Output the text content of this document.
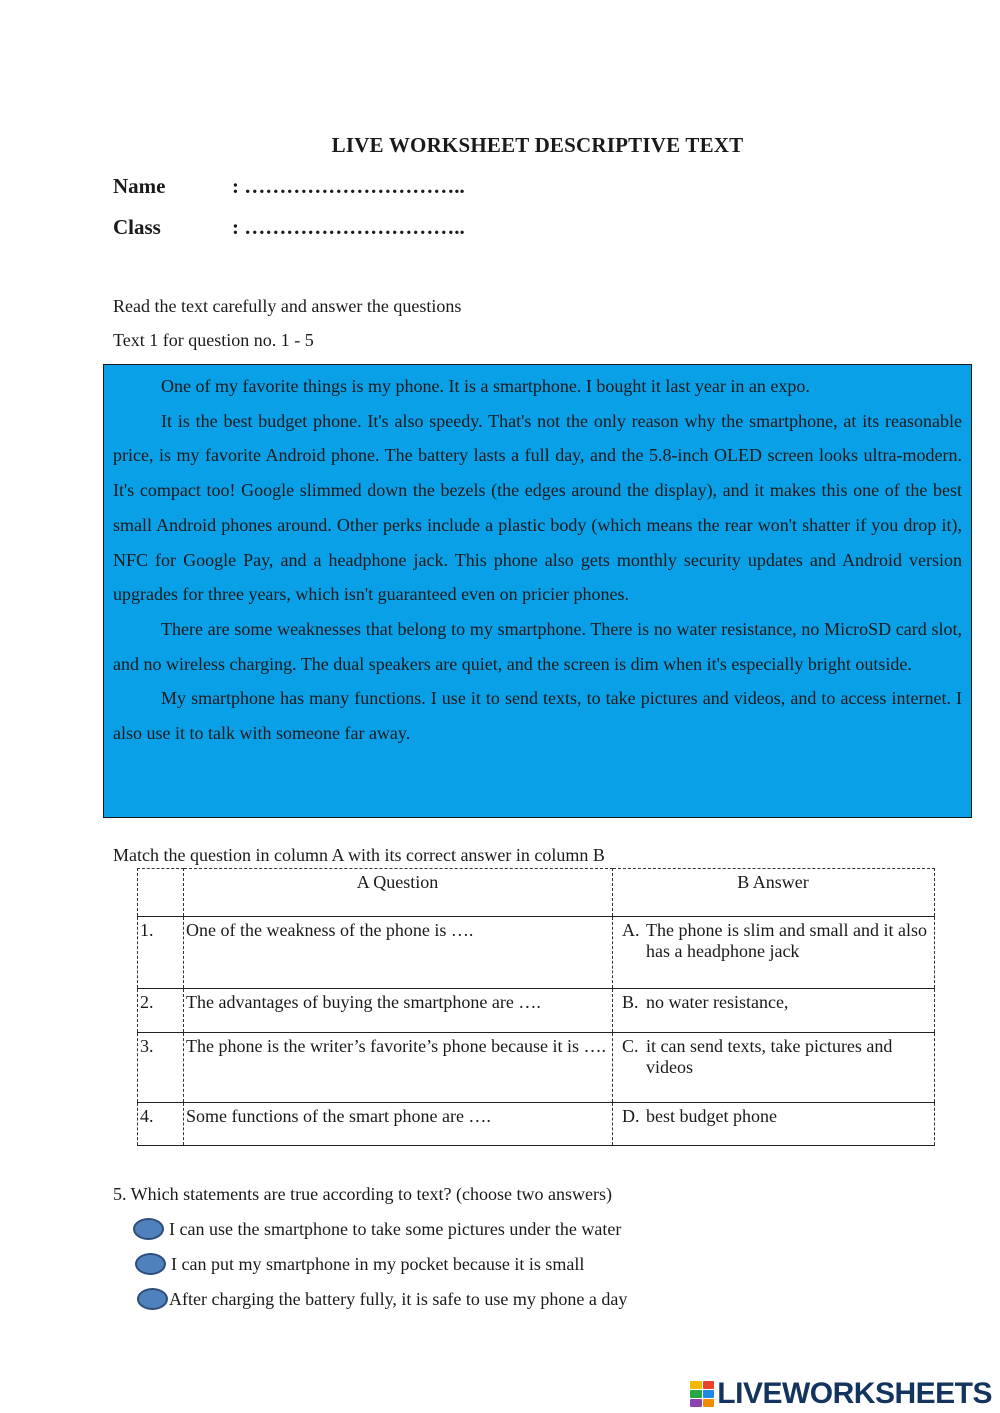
LIVE WORKSHEET DESCRIPTIVE TEXT
Name	: …………………………..
Class	: …………………………..
Read the text carefully and answer the questions
Text 1 for question no. 1 - 5

One of my favorite things is my phone. It is a smartphone. I bought it last year in an expo.

It is the best budget phone. It's also speedy. That's not the only reason why the smartphone, at its reasonable price, is my favorite Android phone. The battery lasts a full day, and the 5.8-inch OLED screen looks ultra-modern. It's compact too! Google slimmed down the bezels (the edges around the display), and it makes this one of the best small Android phones around. Other perks include a plastic body (which means the rear won't shatter if you drop it), NFC for Google Pay, and a headphone jack. This phone also gets monthly security updates and Android version upgrades for three years, which isn't guaranteed even on pricier phones.

There are some weaknesses that belong to my smartphone. There is no water resistance, no MicroSD card slot, and no wireless charging. The dual speakers are quiet, and the screen is dim when it's especially bright outside.

My smartphone has many functions. I use it to send texts, to take pictures and videos, and to access internet. I also use it to talk with someone far away.

Match the question in column A with its correct answer in column B
	A Question	B Answer
1.	One of the weakness of the phone is ….	A. The phone is slim and small and it also has a headphone jack

2.	The advantages of buying the smartphone are ….	B. no water resistance,

3.	The phone is the writer’s favorite’s phone because it is ….	C. it can send texts, take pictures and videos

4.	Some functions of the smart phone are ….	D. best budget phone
5. Which statements are true according to text? (choose two answers)
I can use the smartphone to take some pictures under the water
I can put my smartphone in my pocket because it is small
After charging the battery fully, it is safe to use my phone a day
LIVEWORKSHEETS
